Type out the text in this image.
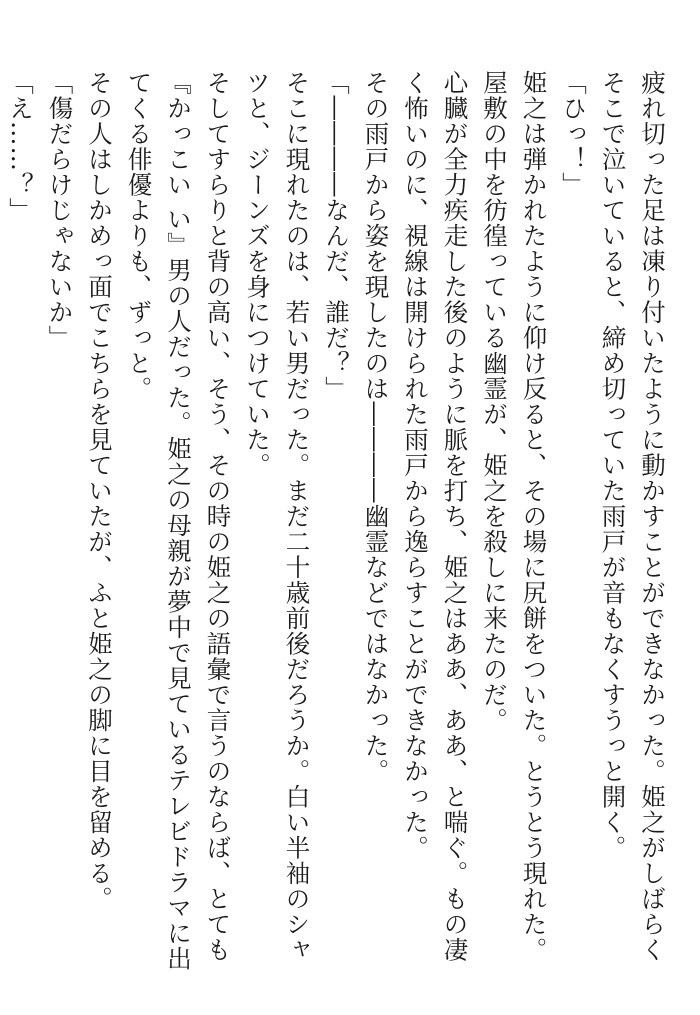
疲れ切った足は凍り付いたように動かすことができなかった。姫之がしばらくそこで泣いていると、締め切っていた雨戸が音もなくすうっと開く。

「ひっ！」

姫之は弾かれたように仰け反ると、その場に尻餅をついた。とうとう現れた。屋敷の中を彷徨っている幽霊が、姫之を殺しに来たのだ。

心臓が全力疾走した後のように脈を打ち、姫之はああ、ああ、と喘ぐ。もの凄く怖いのに、視線は開けられた雨戸から逸らすことができなかった。

その雨戸から姿を現したのは――――幽霊などではなかった。

「――――なんだ、誰だ？」

そこに現れたのは、若い男だった。まだ二十歳前後だろうか。白い半袖のシャツと、ジーンズを身につけていた。

そしてすらりと背の高い、そう、その時の姫之の語彙で言うのならば、とても『かっこい い』男の人だった。姫之の母親が夢中で見ているテレビドラマに出てくる俳優よりも、ずっと。

その人はしかめっ面でこちらを見ていたが、ふと姫之の脚に目を留める。

「傷だらけじゃないか」

「え……？」
